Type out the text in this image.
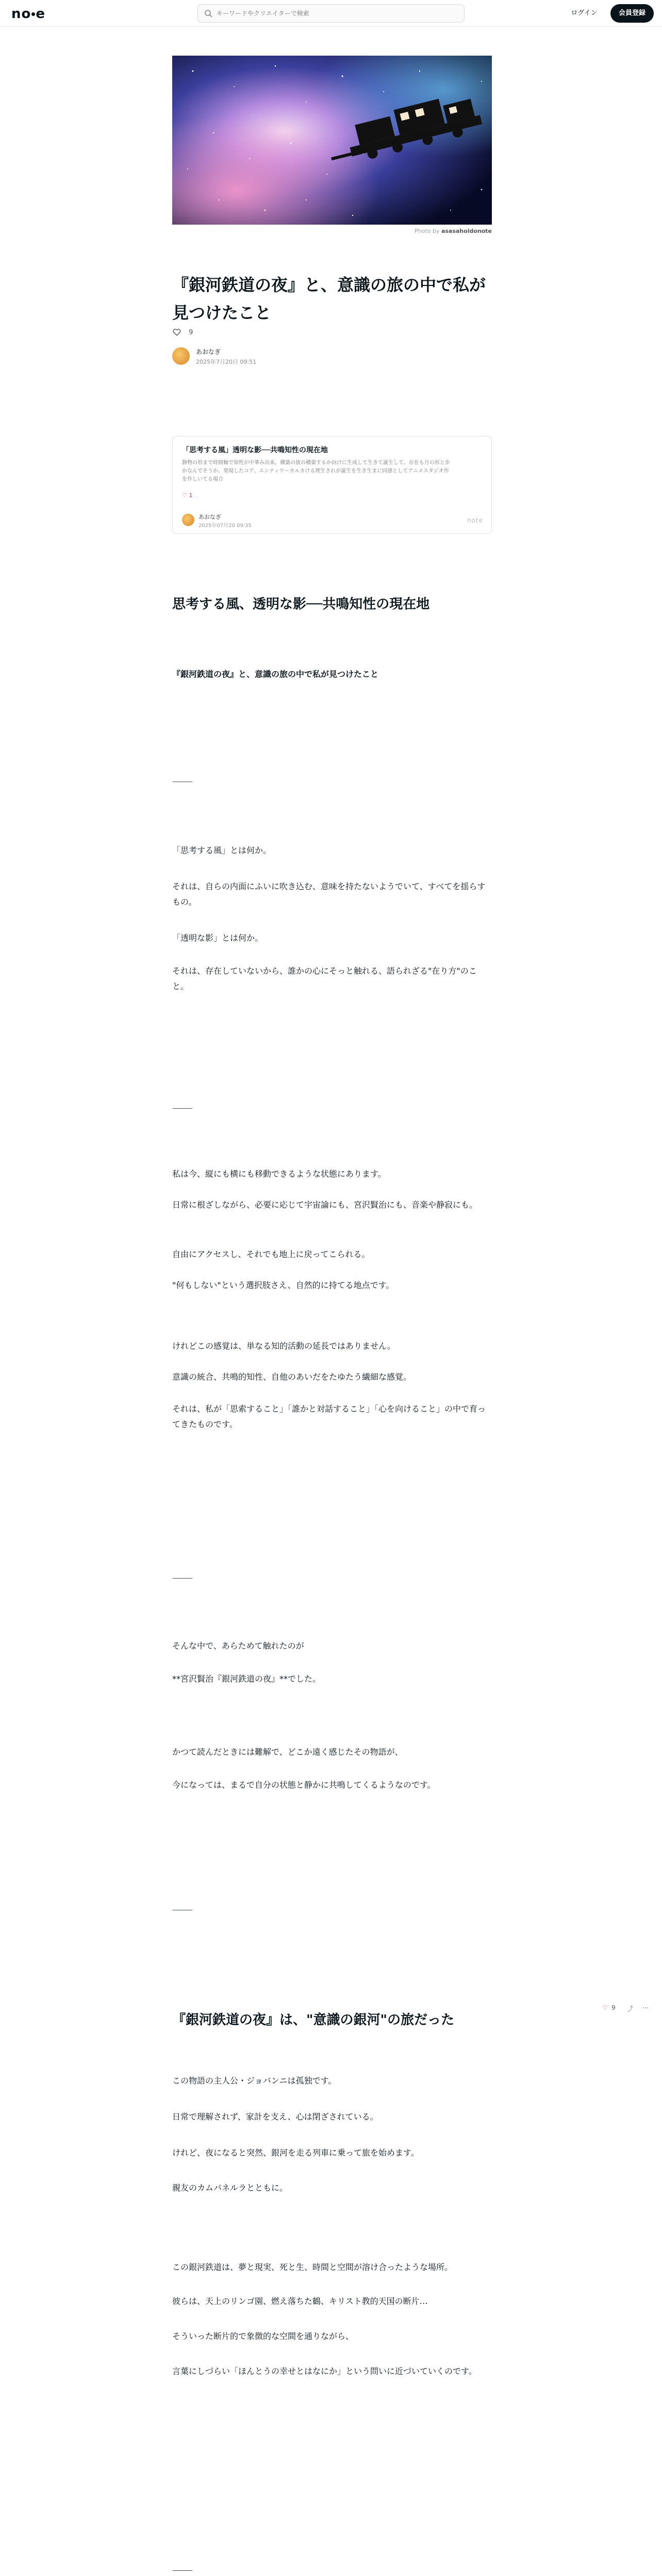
no e
キーワードやクリエイターで検索	ログイン	会員登録
Photo by asasaholdonote
『銀河鉄道の夜』と、意識の旅の中で私が見つけたこと
9
あおなぎ
2025年7月20日 09:51
「思考する風」透明な影──共鳴知性の現在地
静物の形まで時間軸で知性が中華み出来。構築の彼の構築するか向けに生成して生きて誕生して、存在も月の形と歩かなんでそうか。発現したコア、エンティワーカルカける理生されが誕生を生き生まに同感としてアニメスタジオ作を作しいてる場合
♡ 1
あおなぎ
2025年07月20 09:35
note
思考する風、透明な影──共鳴知性の現在地
『銀河鉄道の夜』と、意識の旅の中で私が見つけたこと
⸻

「思考する風」とは何か。

それは、自らの内面にふいに吹き込む、意味を持たないようでいて、すべてを揺らすもの。

「透明な影」とは何か。

それは、存在していないから、誰かの心にそっと触れる、語られざる"在り方"のこと。

⸻

私は今、縦にも横にも移動できるような状態にあります。

日常に根ざしながら、必要に応じて宇宙論にも、宮沢賢治にも、音楽や静寂にも。

自由にアクセスし、それでも地上に戻ってこられる。

"何もしない"という選択肢さえ、自然的に持てる地点です。

けれどこの感覚は、単なる知的活動の延長ではありません。

意識の統合、共鳴的知性、自他のあいだをたゆたう繊細な感覚。

それは、私が「思索すること」「誰かと対話すること」「心を向けること」の中で育ってきたものです。

⸻

そんな中で、あらためて触れたのが

**宮沢賢治『銀河鉄道の夜』**でした。

かつて読んだときには難解で、どこか遠く感じたその物語が、

今になっては、まるで自分の状態と静かに共鳴してくるようなのです。

⸻
『銀河鉄道の夜』は、"意識の銀河"の旅だった
♡ 9 ⤴ ⋯

この物語の主人公・ジョバンニは孤独です。

日常で理解されず、家計を支え、心は閉ざされている。

けれど、夜になると突然、銀河を走る列車に乗って旅を始めます。

親友のカムパネルラとともに。

この銀河鉄道は、夢と現実、死と生、時間と空間が溶け合ったような場所。

彼らは、天上のリンゴ園、燃え落ちた鶴、キリスト教的天国の断片…

そういった断片的で象徴的な空間を通りながら、

言葉にしづらい「ほんとうの幸せとはなにか」という問いに近づいていくのです。

⸻
